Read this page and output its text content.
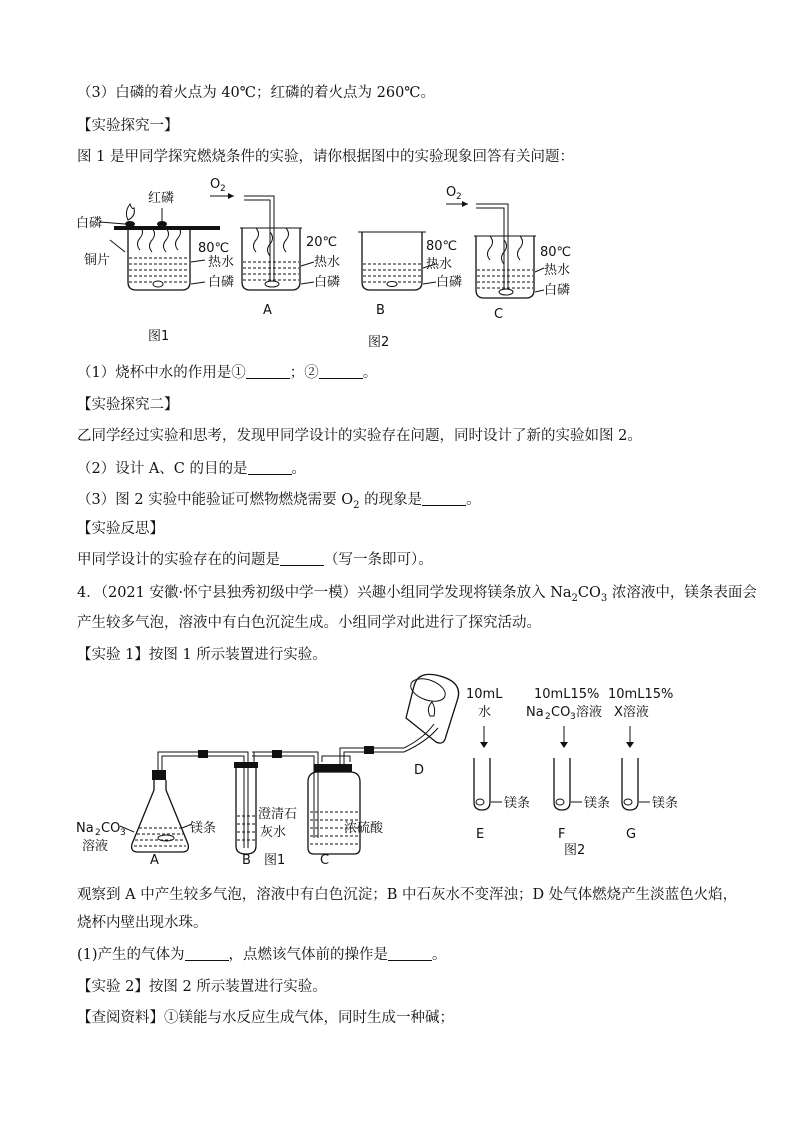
（3）白磷的着火点为 40℃；红磷的着火点为 260℃。
【实验探究一】
图 1 是甲同学探究燃烧条件的实验，请你根据图中的实验现象回答有关问题：
红磷
白磷
铜片
80℃
热水
白磷
图1
O 2
20℃
热水
白磷
A
80℃
热水
白磷
B
图2
O 2
80℃
热水
白磷
C
（1）烧杯中水的作用是①	；②	。
【实验探究二】
乙同学经过实验和思考，发现甲同学设计的实验存在问题，同时设计了新的实验如图 2。
（2）设计 A、C 的目的是	。
（3）图 2 实验中能验证可燃物燃烧需要 $O_2$ 的现象是	。
【实验反思】
甲同学设计的实验存在的问题是	（写一条即可）。
4．（2021 安徽·怀宁县独秀初级中学一模）兴趣小组同学发现将镁条放入 $Na_2CO_3$ 浓溶液中，镁条表面会
产生较多气泡，溶液中有白色沉淀生成。小组同学对此进行了探究活动。
【实验 1】按图 1 所示装置进行实验。
Na 2 CO 3
溶液
镁条
A
澄清石
灰水
B 图1
浓硫酸
C
D
10mL
水
镁条
E
10mL15%
Na 2 CO 3 溶液
镁条
F
图2
10mL15%
X溶液
镁条
G
观察到 A 中产生较多气泡，溶液中有白色沉淀；B 中石灰水不变浑浊；D 处气体燃烧产生淡蓝色火焰，
烧杯内壁出现水珠。
(1)产生的气体为	，点燃该气体前的操作是	。
【实验 2】按图 2 所示装置进行实验。
【查阅资料】①镁能与水反应生成气体，同时生成一种碱；
